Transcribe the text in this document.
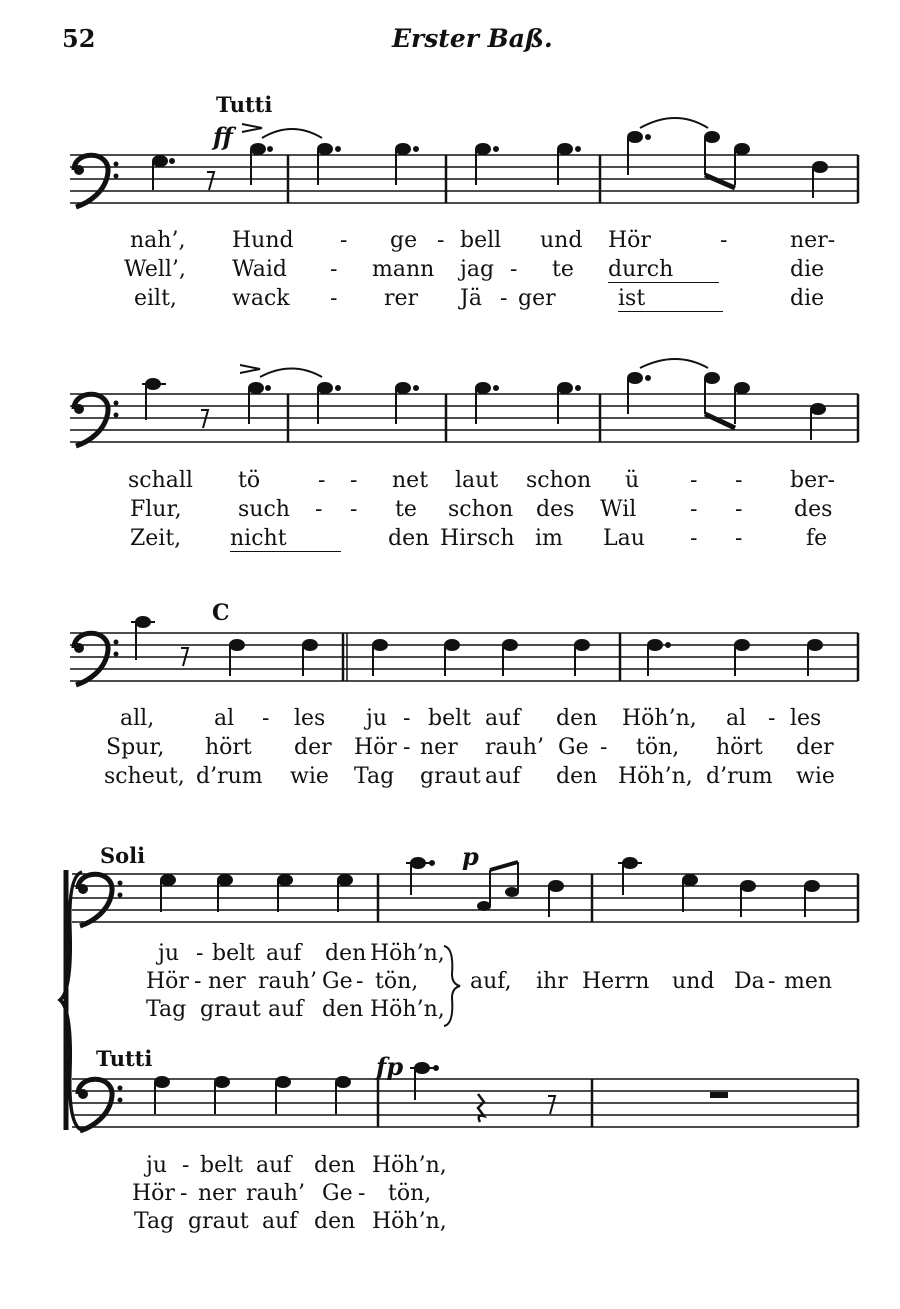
52	Erster Baß.
Tutti
ff
C
Soli	p
Tutti	fp
nah’, Hund - ge - bell und Hör	-	ner-
Well’, Waid - mann jag - te durch	die
eilt,	wack - rer Jä - ger	ist	die
schall tö	- - net laut schon ü - - ber-
Flur,	such - - te schon des Wil - - des
Zeit, nicht	den Hirsch im Lau - -	fe
all,	al - les ju - belt auf den Höh’n, al - les
Spur, hört der Hör - ner rauh’ Ge - tön, hört der
scheut, d’rum wie Tag graut auf den Höh’n, d’rum wie
ju - belt auf den Höh’n,
Hör - ner rauh’ Ge - tön,
Tag graut auf den Höh’n,
auf, ihr Herrn und Da - men
ju - belt auf den Höh’n,
Hör - ner rauh’ Ge - tön,
Tag graut auf den Höh’n,
